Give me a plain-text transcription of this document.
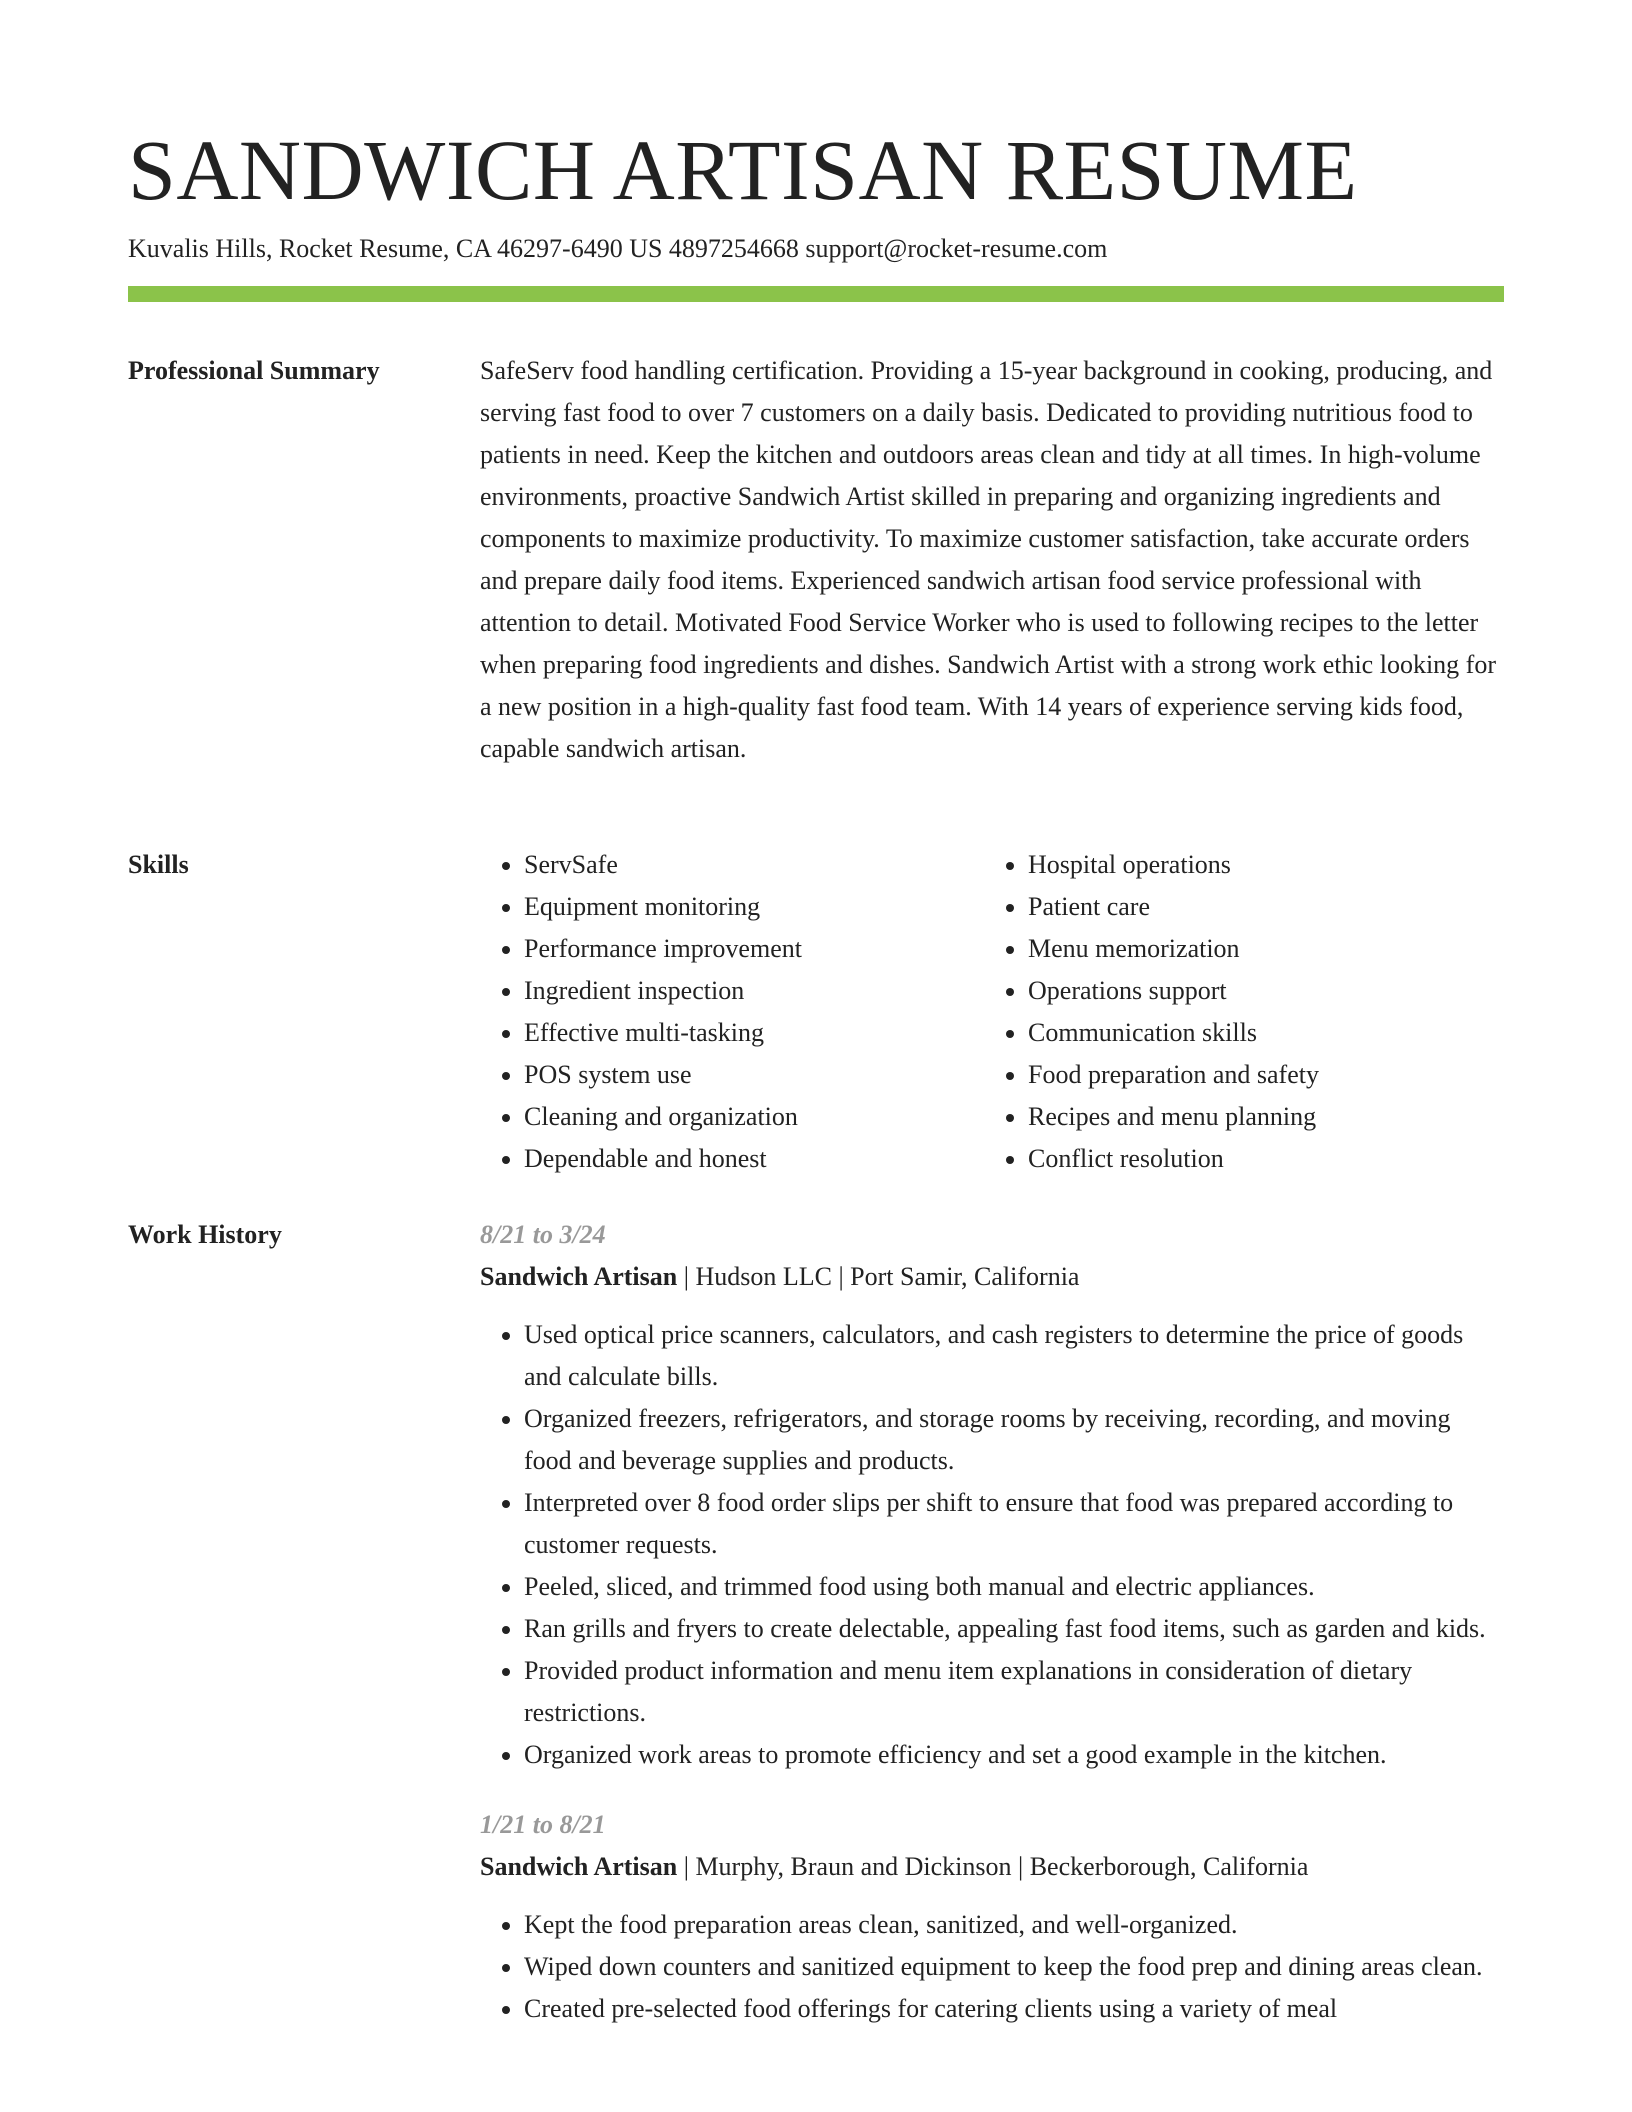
SANDWICH ARTISAN RESUME
Kuvalis Hills, Rocket Resume, CA 46297-6490 US 4897254668 support@rocket-resume.com
Professional Summary	SafeServ food handling certification. Providing a 15-year background in cooking, producing, and serving fast food to over 7 customers on a daily basis. Dedicated to providing nutritious food to patients in need. Keep the kitchen and outdoors areas clean and tidy at all times. In high-volume environments, proactive Sandwich Artist skilled in preparing and organizing ingredients and components to maximize productivity. To maximize customer satisfaction, take accurate orders and prepare daily food items. Experienced sandwich artisan food service professional with attention to detail. Motivated Food Service Worker who is used to following recipes to the letter when preparing food ingredients and dishes. Sandwich Artist with a strong work ethic looking for a new position in a high-quality fast food team. With 14 years of experience serving kids food, capable sandwich artisan.

Skills
•	ServSafe
• Equipment monitoring
• Performance improvement
• Ingredient inspection
• Effective multi-tasking
• POS system use
• Cleaning and organization
• Dependable and honest
• Hospital operations
• Patient care
• Menu memorization
• Operations support
• Communication skills
• Food preparation and safety
• Recipes and menu planning
• Conflict resolution
Work History	8/21 to 3/24
Sandwich Artisan | Hudson LLC | Port Samir, California
• Used optical price scanners, calculators, and cash registers to determine the price of goods and calculate bills.
• Organized freezers, refrigerators, and storage rooms by receiving, recording, and moving food and beverage supplies and products.
• Interpreted over 8 food order slips per shift to ensure that food was prepared according to customer requests.
• Peeled, sliced, and trimmed food using both manual and electric appliances.
• Ran grills and fryers to create delectable, appealing fast food items, such as garden and kids.
• Provided product information and menu item explanations in consideration of dietary restrictions.
• Organized work areas to promote efficiency and set a good example in the kitchen.
1/21 to 8/21
Sandwich Artisan | Murphy, Braun and Dickinson | Beckerborough, California
• Kept the food preparation areas clean, sanitized, and well-organized.
• Wiped down counters and sanitized equipment to keep the food prep and dining areas clean.
• Created pre-selected food offerings for catering clients using a variety of meal
